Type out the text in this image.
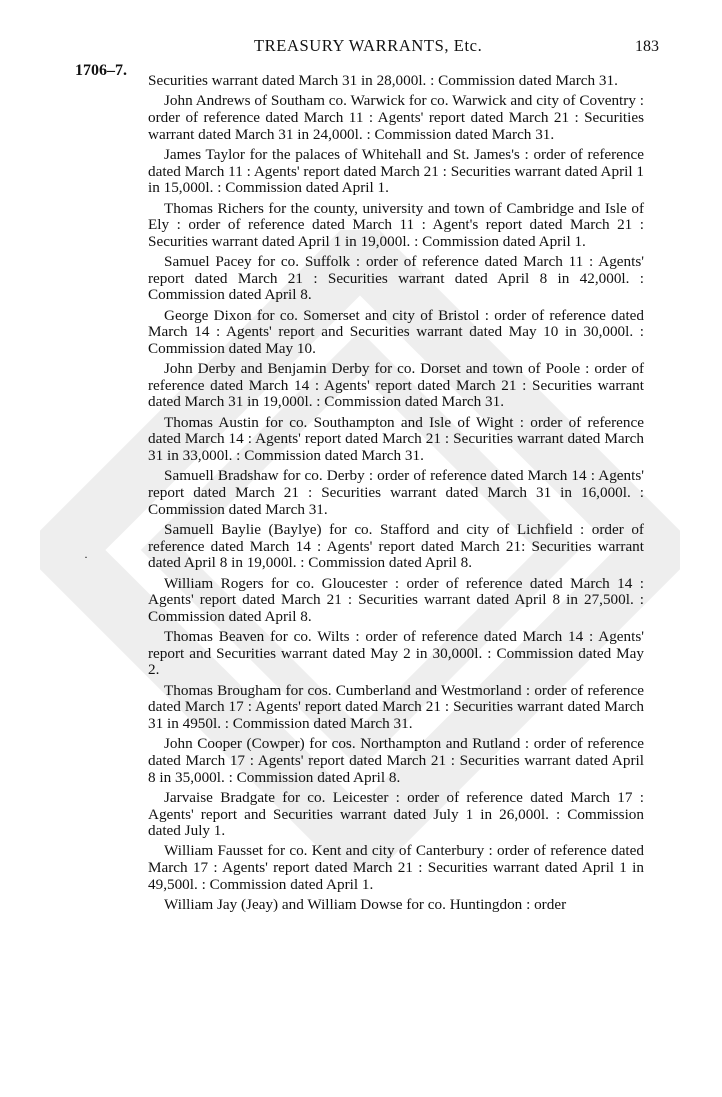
TREASURY WARRANTS, Etc.	183
1706–7.
·

Securities warrant dated March 31 in 28,000l. : Commission dated March 31.

John Andrews of Southam co. Warwick for co. Warwick and city of Coventry : order of reference dated March 11 : Agents' report dated March 21 : Securities warrant dated March 31 in 24,000l. : Commission dated March 31.

James Taylor for the palaces of Whitehall and St. James's : order of reference dated March 11 : Agents' report dated March 21 : Securities warrant dated April 1 in 15,000l. : Commission dated April 1.

Thomas Richers for the county, university and town of Cambridge and Isle of Ely : order of reference dated March 11 : Agent's report dated March 21 : Securities warrant dated April 1 in 19,000l. : Commission dated April 1.

Samuel Pacey for co. Suffolk : order of reference dated March 11 : Agents' report dated March 21 : Securities warrant dated April 8 in 42,000l. : Commission dated April 8.

George Dixon for co. Somerset and city of Bristol : order of reference dated March 14 : Agents' report and Securities warrant dated May 10 in 30,000l. : Commission dated May 10.

John Derby and Benjamin Derby for co. Dorset and town of Poole : order of reference dated March 14 : Agents' report dated March 21 : Securities warrant dated March 31 in 19,000l. : Commission dated March 31.

Thomas Austin for co. Southampton and Isle of Wight : order of reference dated March 14 : Agents' report dated March 21 : Securities warrant dated March 31 in 33,000l. : Commission dated March 31.

Samuell Bradshaw for co. Derby : order of reference dated March 14 : Agents' report dated March 21 : Securities warrant dated March 31 in 16,000l. : Commission dated March 31.

Samuell Baylie (Baylye) for co. Stafford and city of Lichfield : order of reference dated March 14 : Agents' report dated March 21: Securities warrant dated April 8 in 19,000l. : Commission dated April 8.

William Rogers for co. Gloucester : order of reference dated March 14 : Agents' report dated March 21 : Securities warrant dated April 8 in 27,500l. : Commission dated April 8.

Thomas Beaven for co. Wilts : order of reference dated March 14 : Agents' report and Securities warrant dated May 2 in 30,000l. : Commission dated May 2.

Thomas Brougham for cos. Cumberland and Westmorland : order of reference dated March 17 : Agents' report dated March 21 : Securities warrant dated March 31 in 4950l. : Commission dated March 31.

John Cooper (Cowper) for cos. Northampton and Rutland : order of reference dated March 17 : Agents' report dated March 21 : Securities warrant dated April 8 in 35,000l. : Commission dated April 8.

Jarvaise Bradgate for co. Leicester : order of reference dated March 17 : Agents' report and Securities warrant dated July 1 in 26,000l. : Commission dated July 1.

William Fausset for co. Kent and city of Canterbury : order of reference dated March 17 : Agents' report dated March 21 : Securities warrant dated April 1 in 49,500l. : Commission dated April 1.

William Jay (Jeay) and William Dowse for co. Huntingdon : order
